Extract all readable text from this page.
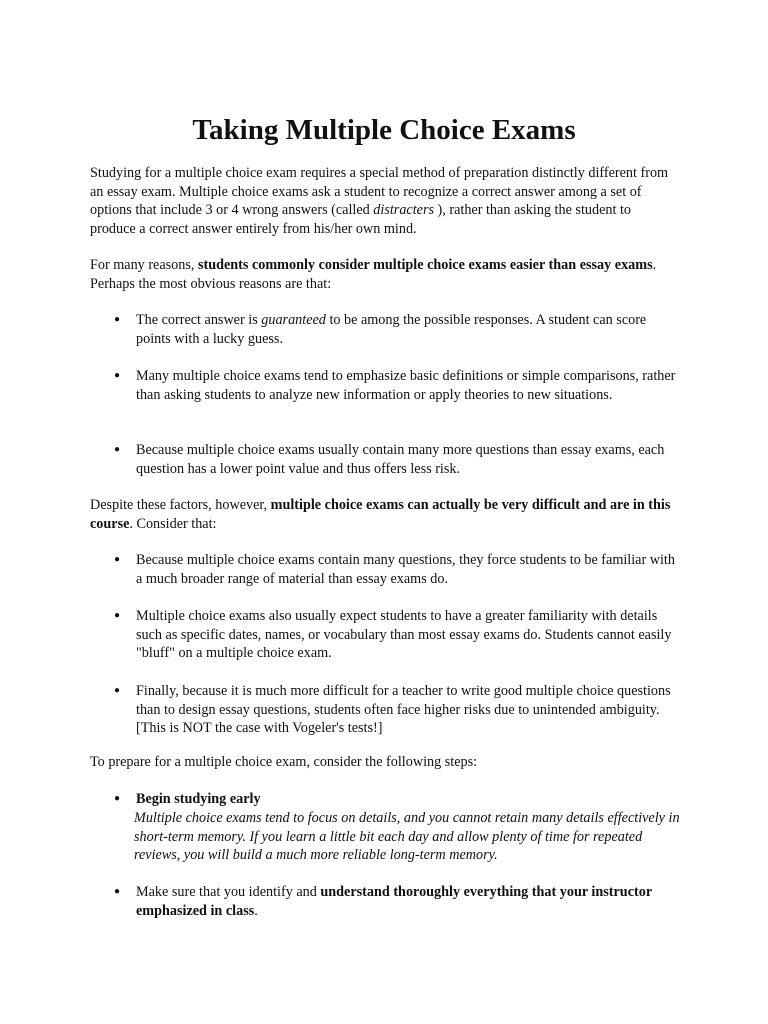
Taking Multiple Choice Exams

Studying for a multiple choice exam requires a special method of preparation distinctly different from an essay exam. Multiple choice exams ask a student to recognize a correct answer among a set of options that include 3 or 4 wrong answers (called distracters ), rather than asking the student to produce a correct answer entirely from his/her own mind.

For many reasons, students commonly consider multiple choice exams easier than essay exams. Perhaps the most obvious reasons are that:

● The correct answer is guaranteed to be among the possible responses. A student can score points with a lucky guess.

● Many multiple choice exams tend to emphasize basic definitions or simple comparisons, rather than asking students to analyze new information or apply theories to new situations.

● Because multiple choice exams usually contain many more questions than essay exams, each question has a lower point value and thus offers less risk.

Despite these factors, however, multiple choice exams can actually be very difficult and are in this course. Consider that:

● Because multiple choice exams contain many questions, they force students to be familiar with a much broader range of material than essay exams do.

● Multiple choice exams also usually expect students to have a greater familiarity with details such as specific dates, names, or vocabulary than most essay exams do. Students cannot easily "bluff" on a multiple choice exam.

● Finally, because it is much more difficult for a teacher to write good multiple choice questions than to design essay questions, students often face higher risks due to unintended ambiguity. [This is NOT the case with Vogeler's tests!]

To prepare for a multiple choice exam, consider the following steps:

● Begin studying early

Multiple choice exams tend to focus on details, and you cannot retain many details effectively in short-term memory. If you learn a little bit each day and allow plenty of time for repeated reviews, you will build a much more reliable long-term memory.

● Make sure that you identify and understand thoroughly everything that your instructor emphasized in class.
